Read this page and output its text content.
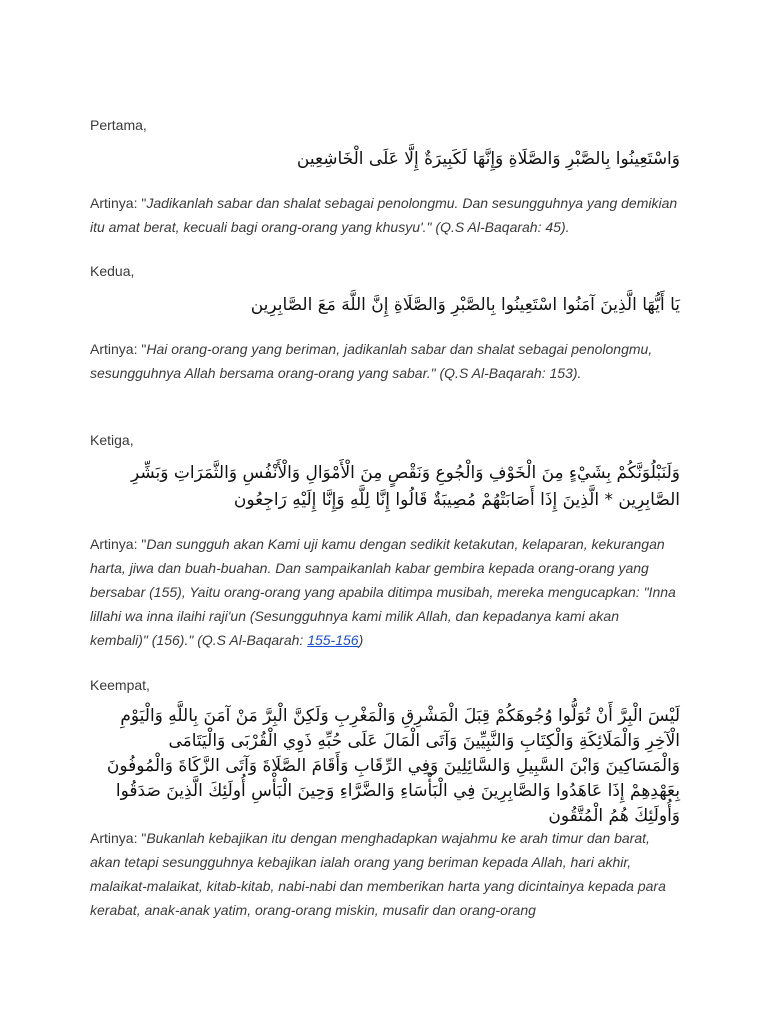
Pertama,

وَاسْتَعِينُوا بِالصَّبْرِ وَالصَّلَاةِ وَإِنَّهَا لَكَبِيرَةٌ إِلَّا عَلَى الْخَاشِعِين

Artinya: "Jadikanlah sabar dan shalat sebagai penolongmu. Dan sesungguhnya yang demikian itu amat berat, kecuali bagi orang-orang yang khusyu'." (Q.S Al-Baqarah: 45).

Kedua,

يَا أَيُّهَا الَّذِينَ آمَنُوا اسْتَعِينُوا بِالصَّبْرِ وَالصَّلَاةِ إِنَّ اللَّهَ مَعَ الصَّابِرِين

Artinya: "Hai orang-orang yang beriman, jadikanlah sabar dan shalat sebagai penolongmu, sesungguhnya Allah bersama orang-orang yang sabar." (Q.S Al-Baqarah: 153).

Ketiga,

وَلَنَبْلُوَنَّكُمْ بِشَيْءٍ مِنَ الْخَوْفِ وَالْجُوعِ وَنَقْصٍ مِنَ الْأَمْوَالِ وَالْأَنْفُسِ وَالثَّمَرَاتِ وَبَشِّرِ الصَّابِرِين * الَّذِينَ إِذَا أَصَابَتْهُمْ مُصِيبَةٌ قَالُوا إِنَّا لِلَّهِ وَإِنَّا إِلَيْهِ رَاجِعُون

Artinya: "Dan sungguh akan Kami uji kamu dengan sedikit ketakutan, kelaparan, kekurangan harta, jiwa dan buah-buahan. Dan sampaikanlah kabar gembira kepada orang-orang yang bersabar (155), Yaitu orang-orang yang apabila ditimpa musibah, mereka mengucapkan: "Inna lillahi wa inna ilaihi raji'un (Sesungguhnya kami milik Allah, dan kepadanya kami akan kembali)" (156)." (Q.S Al-Baqarah: 155-156)

Keempat,

لَيْسَ الْبِرَّ أَنْ تُوَلُّوا وُجُوهَكُمْ قِبَلَ الْمَشْرِقِ وَالْمَغْرِبِ وَلَكِنَّ الْبِرَّ مَنْ آمَنَ بِاللَّهِ وَالْيَوْمِ الْآخِرِ وَالْمَلَائِكَةِ وَالْكِتَابِ وَالنَّبِيِّينَ وَآتَى الْمَالَ عَلَى حُبِّهِ ذَوِي الْقُرْبَى وَالْيَتَامَى وَالْمَسَاكِينَ وَابْنَ السَّبِيلِ وَالسَّائِلِينَ وَفِي الرِّقَابِ وَأَقَامَ الصَّلَاةَ وَآتَى الزَّكَاةَ وَالْمُوفُونَ بِعَهْدِهِمْ إِذَا عَاهَدُوا وَالصَّابِرِينَ فِي الْبَأْسَاءِ وَالضَّرَّاءِ وَحِينَ الْبَأْسِ أُولَئِكَ الَّذِينَ صَدَقُوا وَأُولَئِكَ هُمُ الْمُتَّقُون

Artinya: "Bukanlah kebajikan itu dengan menghadapkan wajahmu ke arah timur dan barat, akan tetapi sesungguhnya kebajikan ialah orang yang beriman kepada Allah, hari akhir, malaikat-malaikat, kitab-kitab, nabi-nabi dan memberikan harta yang dicintainya kepada para kerabat, anak-anak yatim, orang-orang miskin, musafir dan orang-orang
